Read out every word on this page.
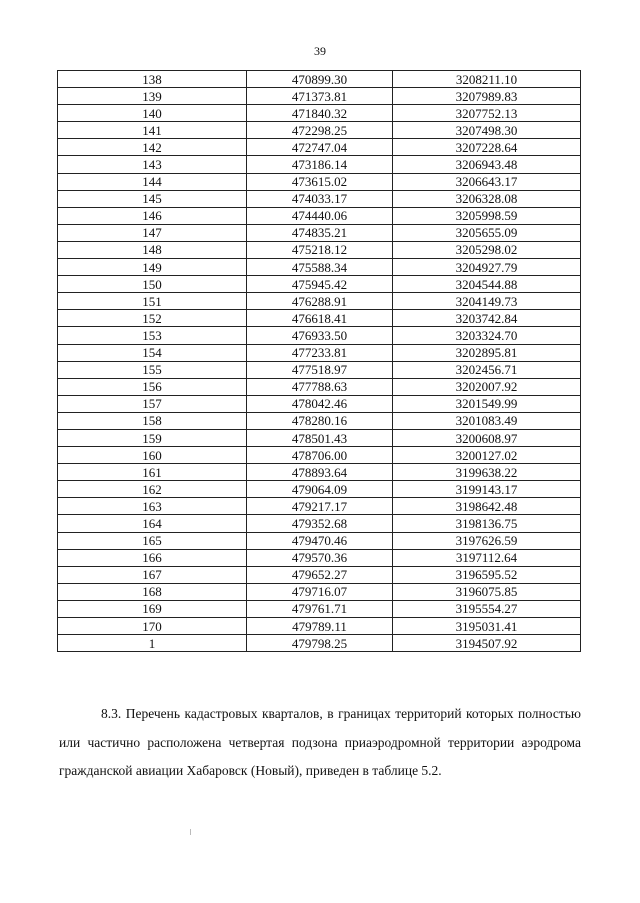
39
138	470899.30	3208211.10
139	471373.81	3207989.83
140	471840.32	3207752.13
141	472298.25	3207498.30
142	472747.04	3207228.64
143	473186.14	3206943.48
144	473615.02	3206643.17
145	474033.17	3206328.08
146	474440.06	3205998.59
147	474835.21	3205655.09
148	475218.12	3205298.02
149	475588.34	3204927.79
150	475945.42	3204544.88
151	476288.91	3204149.73
152	476618.41	3203742.84
153	476933.50	3203324.70
154	477233.81	3202895.81
155	477518.97	3202456.71
156	477788.63	3202007.92
157	478042.46	3201549.99
158	478280.16	3201083.49
159	478501.43	3200608.97
160	478706.00	3200127.02
161	478893.64	3199638.22
162	479064.09	3199143.17
163	479217.17	3198642.48
164	479352.68	3198136.75
165	479470.46	3197626.59
166	479570.36	3197112.64
167	479652.27	3196595.52
168	479716.07	3196075.85
169	479761.71	3195554.27
170	479789.11	3195031.41
1	479798.25	3194507.92

8.3. Перечень кадастровых кварталов, в границах территорий которых полностью или частично расположена четвертая подзона приаэродромной территории аэродрома гражданской авиации Хабаровск (Новый), приведен в таблице 5.2.
